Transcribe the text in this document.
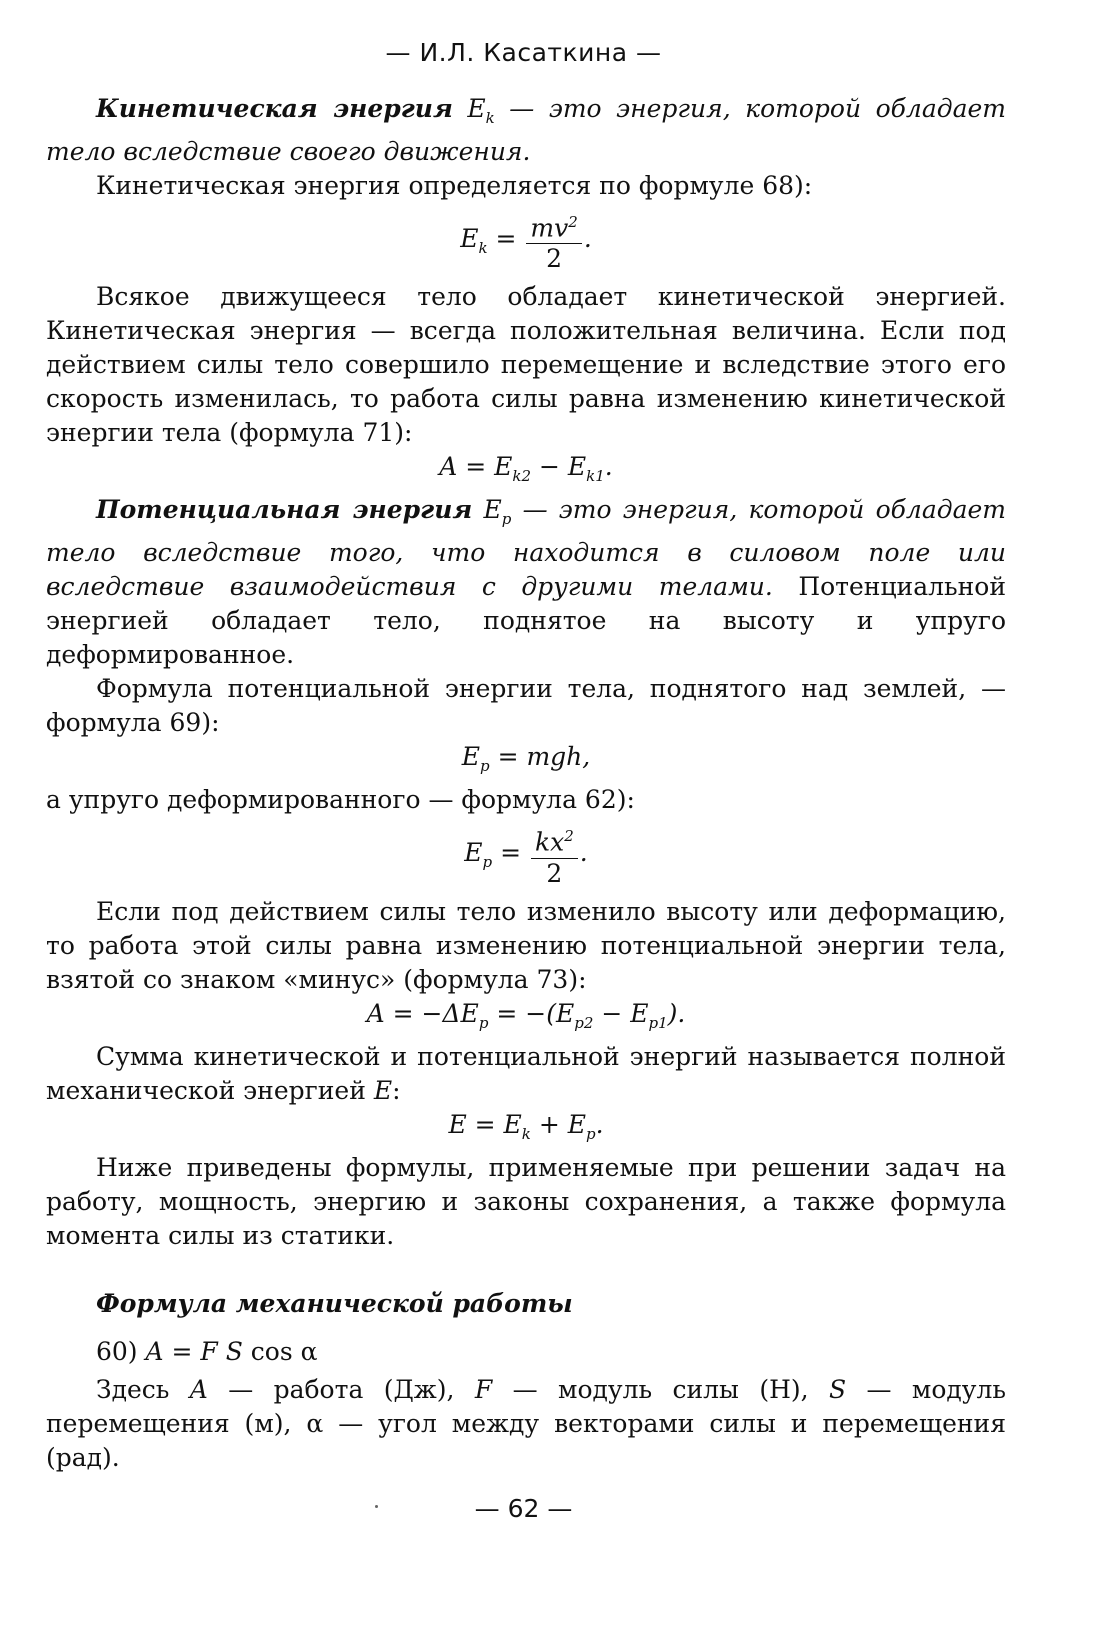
— И.Л. Касаткина —

Кинетическая энергия $E_k$ — это энергия, которой обладает тело вследствие своего движения.

Кинетическая энергия определяется по формуле 68):

$E_k = \frac{mv^2}{2}$ .

Всякое движущееся тело обладает кинетической энергией. Кинетическая энергия — всегда положительная величина. Если под действием силы тело совершило перемещение и вследствие этого его скорость изменилась, то работа силы равна изменению кинетической энергии тела (формула 71):

$A = E_{k2} - E_{k1}$.

Потенциальная энергия $E_p$ — это энергия, которой обладает тело вследствие того, что находится в силовом поле или вследствие взаимодействия с другими телами. Потенциальной энергией обладает тело, поднятое на высоту и упруго деформированное.

Формула потенциальной энергии тела, поднятого над землей, — формула 69):

$E_p$ = mgh,

а упруго деформированного — формула 62):

$E_p = \frac{kx^2}{2}$ .

Если под действием силы тело изменило высоту или деформацию, то работа этой силы равна изменению потенциальной энергии тела, взятой со знаком «минус» (формула 73):

$A = -\Delta E_p = -(E_{p2} - E_{p1})$.

Сумма кинетической и потенциальной энергий называется полной механической энергией E:

$E = E_k + E_p$.

Ниже приведены формулы, применяемые при решении задач на работу, мощность, энергию и законы сохранения, а также формула момента силы из статики.

Формула механической работы

60) A = F S cos α

Здесь A — работа (Дж), F — модуль силы (Н), S — модуль перемещения (м), α — угол между векторами силы и перемещения (рад).

— 62 —
